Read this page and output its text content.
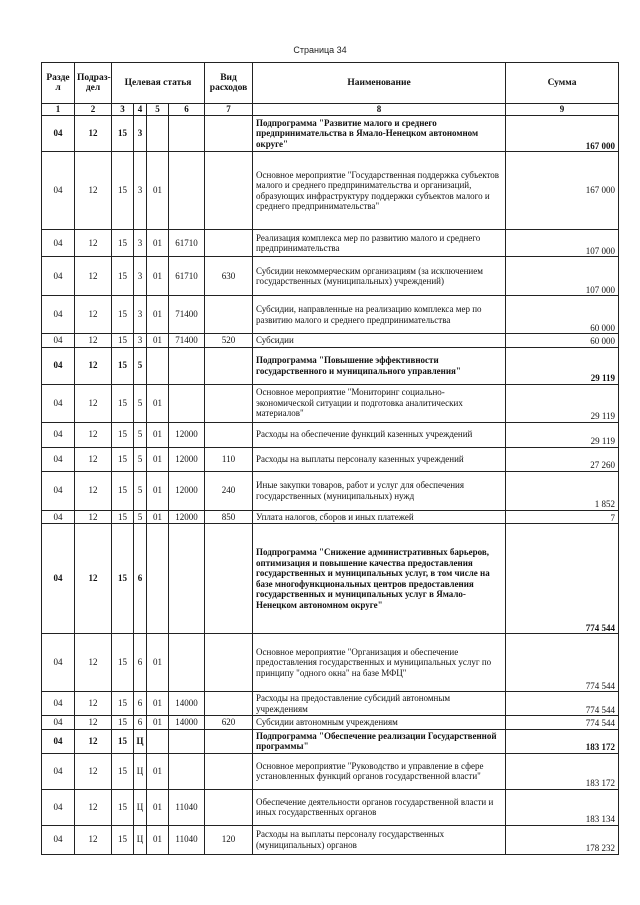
Страница 34
Разде л	Подраз- дел	Целевая статья				Вид расходов	Наименование	Сумма
1	2	3	4	5	6	7	8	9
04	12	15	3				Подпрограмма "Развитие малого и среднего предпринимательства в Ямало-Ненецком автономном округе"	167 000
04	12	15	3	01			Основное мероприятие "Государственная поддержка субъектов малого и среднего предпринимательства и организаций, образующих инфраструктуру поддержки субъектов малого и среднего предпринимательства"	167 000
04	12	15	3	01	61710		Реализация комплекса мер по развитию малого и среднего предпринимательства	107 000
04	12	15	3	01	61710	630	Субсидии некоммерческим организациям (за исключением государственных (муниципальных) учреждений)	107 000
04	12	15	3	01	71400		Субсидии, направленные на реализацию комплекса мер по развитию малого и среднего предпринимательства	60 000
04	12	15	3	01	71400	520	Субсидии	60 000
04	12	15	5				Подпрограмма "Повышение эффективности государственного и муниципального управления"	29 119
04	12	15	5	01			Основное мероприятие "Мониторинг социально-экономической ситуации и подготовка аналитических материалов"	29 119
04	12	15	5	01	12000		Расходы на обеспечение функций казенных учреждений	29 119
04	12	15	5	01	12000	110	Расходы на выплаты персоналу казенных учреждений	27 260
04	12	15	5	01	12000	240	Иные закупки товаров, работ и услуг для обеспечения государственных (муниципальных) нужд	1 852
04	12	15	5	01	12000	850	Уплата налогов, сборов и иных платежей	7
04	12	15	6				Подпрограмма "Снижение административных барьеров, оптимизация и повышение качества предоставления государственных и муниципальных услуг, в том числе на базе многофункциональных центров предоставления государственных и муниципальных услуг в Ямало-Ненецком автономном округе"	774 544
04	12	15	6	01			Основное мероприятие "Организация и обеспечение предоставления государственных и муниципальных услуг по принципу "одного окна" на базе МФЦ"	774 544
04	12	15	6	01	14000		Расходы на предоставление субсидий автономным учреждениям	774 544
04	12	15	6	01	14000	620	Субсидии автономным учреждениям	774 544
04	12	15	Ц				Подпрограмма "Обеспечение реализации Государственной программы"	183 172
04	12	15	Ц	01			Основное мероприятие "Руководство и управление в сфере установленных функций органов государственной власти"	183 172
04	12	15	Ц	01	11040		Обеспечение деятельности органов государственной власти и иных государственных органов	183 134
04	12	15	Ц	01	11040	120	Расходы на выплаты персоналу государственных (муниципальных) органов	178 232
